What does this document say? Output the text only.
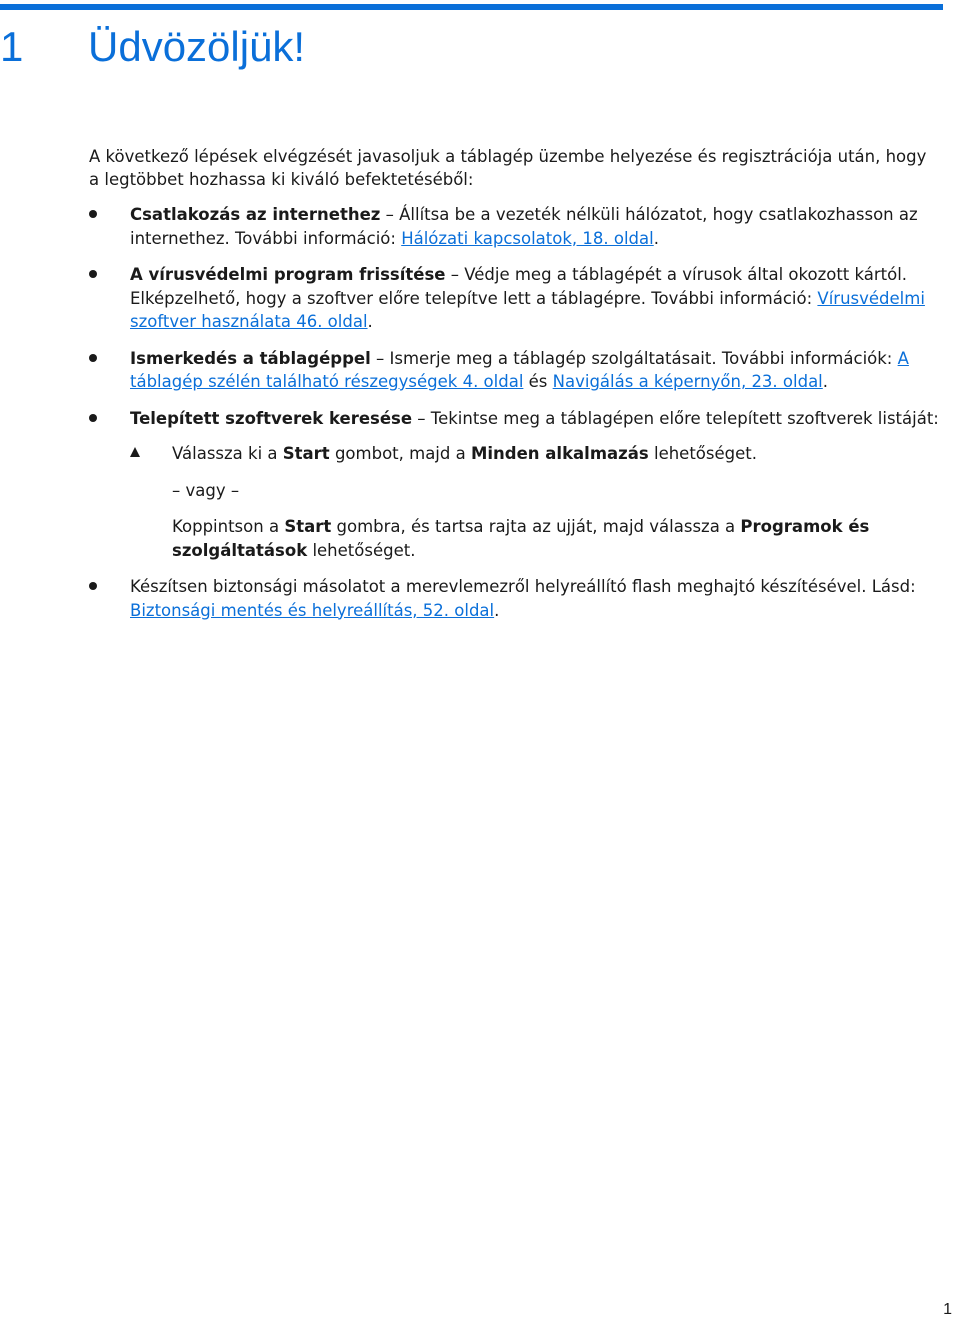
1 Üdvözöljük!

A következő lépések elvégzését javasoljuk a táblagép üzembe helyezése és regisztrációja után, hogy a legtöbbet hozhassa ki kiváló befektetéséből:

Csatlakozás az internethez – Állítsa be a vezeték nélküli hálózatot, hogy csatlakozhasson az internethez. További információ: Hálózati kapcsolatok, 18. oldal.
A vírusvédelmi program frissítése – Védje meg a táblagépét a vírusok által okozott kártól. Elképzelhető, hogy a szoftver előre telepítve lett a táblagépre. További információ: Vírusvédelmi szoftver használata 46. oldal.
Ismerkedés a táblagéppel – Ismerje meg a táblagép szolgáltatásait. További információk: A táblagép szélén található részegységek 4. oldal és Navigálás a képernyőn, 23. oldal.
Telepített szoftverek keresése – Tekintse meg a táblagépen előre telepített szoftverek listáját:

Válassza ki a Start gombot, majd a Minden alkalmazás lehetőséget.

– vagy –

Koppintson a Start gombra, és tartsa rajta az ujját, majd válassza a Programok és szolgáltatások lehetőséget.

Készítsen biztonsági másolatot a merevlemezről helyreállító flash meghajtó készítésével. Lásd: Biztonsági mentés és helyreállítás, 52. oldal.
1
